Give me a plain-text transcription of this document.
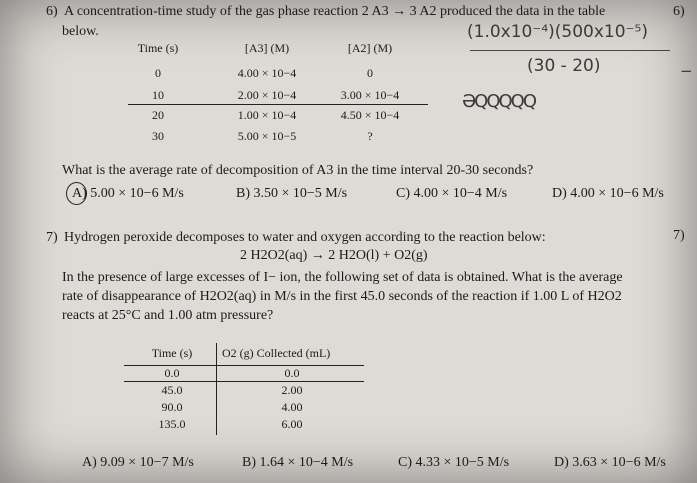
6) A concentration-time study of the gas phase reaction 2 A3 → 3 A2 produced the data in the table
below.
6)
Time (s)	[A3] (M)	[A2] (M)
0	4.00 × 10−4	0
10	2.00 × 10−4	3.00 × 10−4
20	1.00 × 10−4	4.50 × 10−4
30	5.00 × 10−5	?
(1.0x10⁻⁴)(500x10⁻⁵)
(30 - 20)	−
ƏQQQQQ
What is the average rate of decomposition of A3 in the time interval 20-30 seconds?
A) 5.00 × 10−6 M/s	B) 3.50 × 10−5 M/s	C) 4.00 × 10−4 M/s	D) 4.00 × 10−6 M/s
7) Hydrogen peroxide decomposes to water and oxygen according to the reaction below:	7)
2 H2O2(aq) → 2 H2O(l) + O2(g)
In the presence of large excesses of I− ion, the following set of data is obtained. What is the average
rate of disappearance of H2O2(aq) in M/s in the first 45.0 seconds of the reaction if 1.00 L of H2O2
reacts at 25°C and 1.00 atm pressure?
Time (s)	O2 (g) Collected (mL)
0.0	0.0
45.0	2.00
90.0	4.00
135.0	6.00
A) 9.09 × 10−7 M/s	B) 1.64 × 10−4 M/s	C) 4.33 × 10−5 M/s	D) 3.63 × 10−6 M/s
